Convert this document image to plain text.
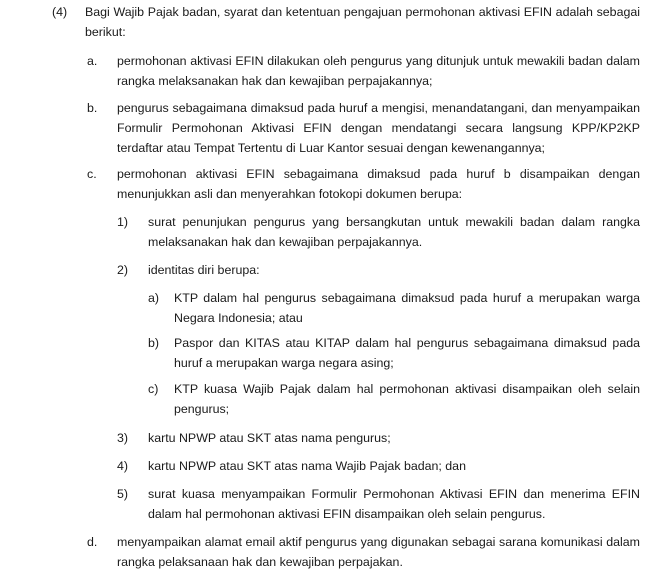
(4) Bagi Wajib Pajak badan, syarat dan ketentuan pengajuan permohonan aktivasi EFIN adalah sebagai berikut:
a. permohonan aktivasi EFIN dilakukan oleh pengurus yang ditunjuk untuk mewakili badan dalam rangka melaksanakan hak dan kewajiban perpajakannya;
b. pengurus sebagaimana dimaksud pada huruf a mengisi, menandatangani, dan menyampaikan Formulir Permohonan Aktivasi EFIN dengan mendatangi secara langsung KPP/KP2KP terdaftar atau Tempat Tertentu di Luar Kantor sesuai dengan kewenangannya;
c. permohonan aktivasi EFIN sebagaimana dimaksud pada huruf b disampaikan dengan menunjukkan asli dan menyerahkan fotokopi dokumen berupa:
1) surat penunjukan pengurus yang bersangkutan untuk mewakili badan dalam rangka melaksanakan hak dan kewajiban perpajakannya.
2) identitas diri berupa:
a) KTP dalam hal pengurus sebagaimana dimaksud pada huruf a merupakan warga Negara Indonesia; atau
b) Paspor dan KITAS atau KITAP dalam hal pengurus sebagaimana dimaksud pada huruf a merupakan warga negara asing;
c) KTP kuasa Wajib Pajak dalam hal permohonan aktivasi disampaikan oleh selain pengurus;
3) kartu NPWP atau SKT atas nama pengurus;
4) kartu NPWP atau SKT atas nama Wajib Pajak badan; dan
5) surat kuasa menyampaikan Formulir Permohonan Aktivasi EFIN dan menerima EFIN dalam hal permohonan aktivasi EFIN disampaikan oleh selain pengurus.
d. menyampaikan alamat email aktif pengurus yang digunakan sebagai sarana komunikasi dalam rangka pelaksanaan hak dan kewajiban perpajakan.
